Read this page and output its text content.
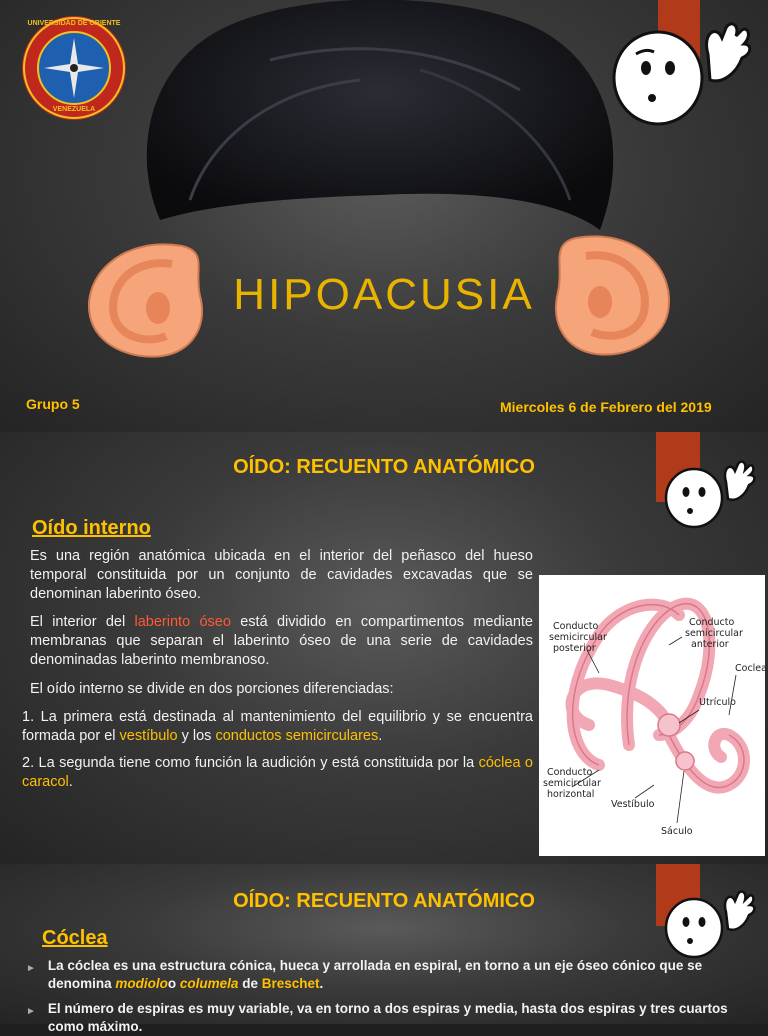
UNIVERSIDAD DE ORIENTE
VENEZUELA
HIPOACUSIA
Grupo 5	Miercoles 6 de Febrero del 2019
OÍDO: RECUENTO ANATÓMICO
Oído interno
Es una región anatómica ubicada en el interior del peñasco del hueso temporal constituida por un conjunto de cavidades excavadas que se denominan laberinto óseo.
El interior del laberinto óseo está dividido en compartimentos mediante membranas que separan el laberinto óseo de una serie de cavidades denominadas laberinto membranoso.
El oído interno se divide en dos porciones diferenciadas:
1. La primera está destinada al mantenimiento del equilibrio y se encuentra formada por el vestíbulo y los conductos semicirculares.
2. La segunda tiene como función la audición y está constituida por la cóclea o caracol.
Conducto
semicircular
posterior
Conducto
semicircular
anterior
Utrículo
Coclea
Conducto
semicircular
horizontal
Vestíbulo
Sáculo
OÍDO: RECUENTO ANATÓMICO
Cóclea
► La cóclea es una estructura cónica, hueca y arrollada en espiral, en torno a un eje óseo cónico que se denomina modioloo columela de Breschet.
► El número de espiras es muy variable, va en torno a dos espiras y media, hasta dos espiras y tres cuartos como máximo.
